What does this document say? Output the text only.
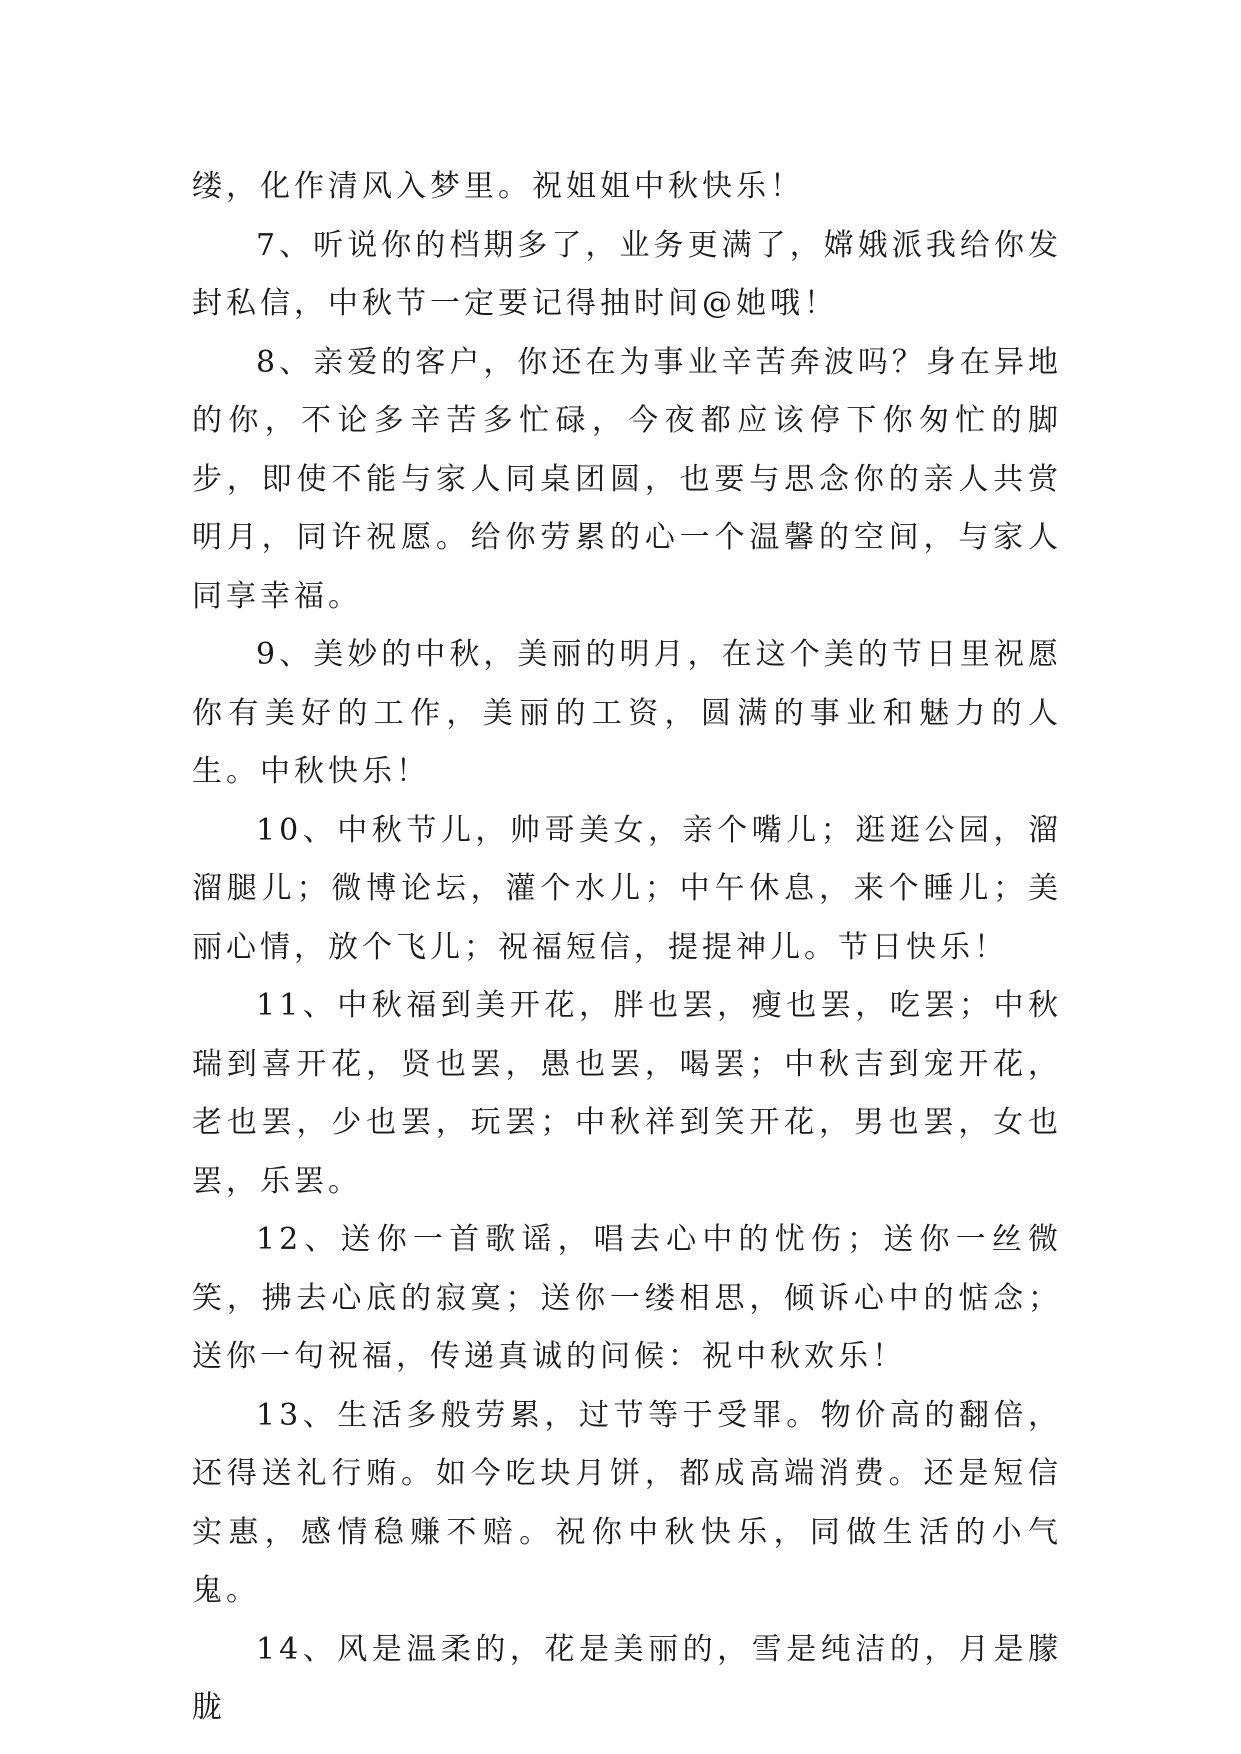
缕，化作清风入梦里。祝姐姐中秋快乐！

7、听说你的档期多了，业务更满了，嫦娥派我给你发封私信，中秋节一定要记得抽时间@她哦！

8、亲爱的客户，你还在为事业辛苦奔波吗？身在异地的你，不论多辛苦多忙碌，今夜都应该停下你匆忙的脚步，即使不能与家人同桌团圆，也要与思念你的亲人共赏明月，同许祝愿。给你劳累的心一个温馨的空间，与家人同享幸福。

9、美妙的中秋，美丽的明月，在这个美的节日里祝愿你有美好的工作，美丽的工资，圆满的事业和魅力的人生。中秋快乐！

10、中秋节儿，帅哥美女，亲个嘴儿；逛逛公园，溜溜腿儿；微博论坛，灌个水儿；中午休息，来个睡儿；美丽心情，放个飞儿；祝福短信，提提神儿。节日快乐！

11、中秋福到美开花，胖也罢，瘦也罢，吃罢；中秋瑞到喜开花，贤也罢，愚也罢，喝罢；中秋吉到宠开花，老也罢，少也罢，玩罢；中秋祥到笑开花，男也罢，女也罢，乐罢。

12、送你一首歌谣，唱去心中的忧伤；送你一丝微笑，拂去心底的寂寞；送你一缕相思，倾诉心中的惦念；送你一句祝福，传递真诚的问候：祝中秋欢乐！

13、生活多般劳累，过节等于受罪。物价高的翻倍，还得送礼行贿。如今吃块月饼，都成高端消费。还是短信实惠，感情稳赚不赔。祝你中秋快乐，同做生活的小气鬼。

14、风是温柔的，花是美丽的，雪是纯洁的，月是朦胧
